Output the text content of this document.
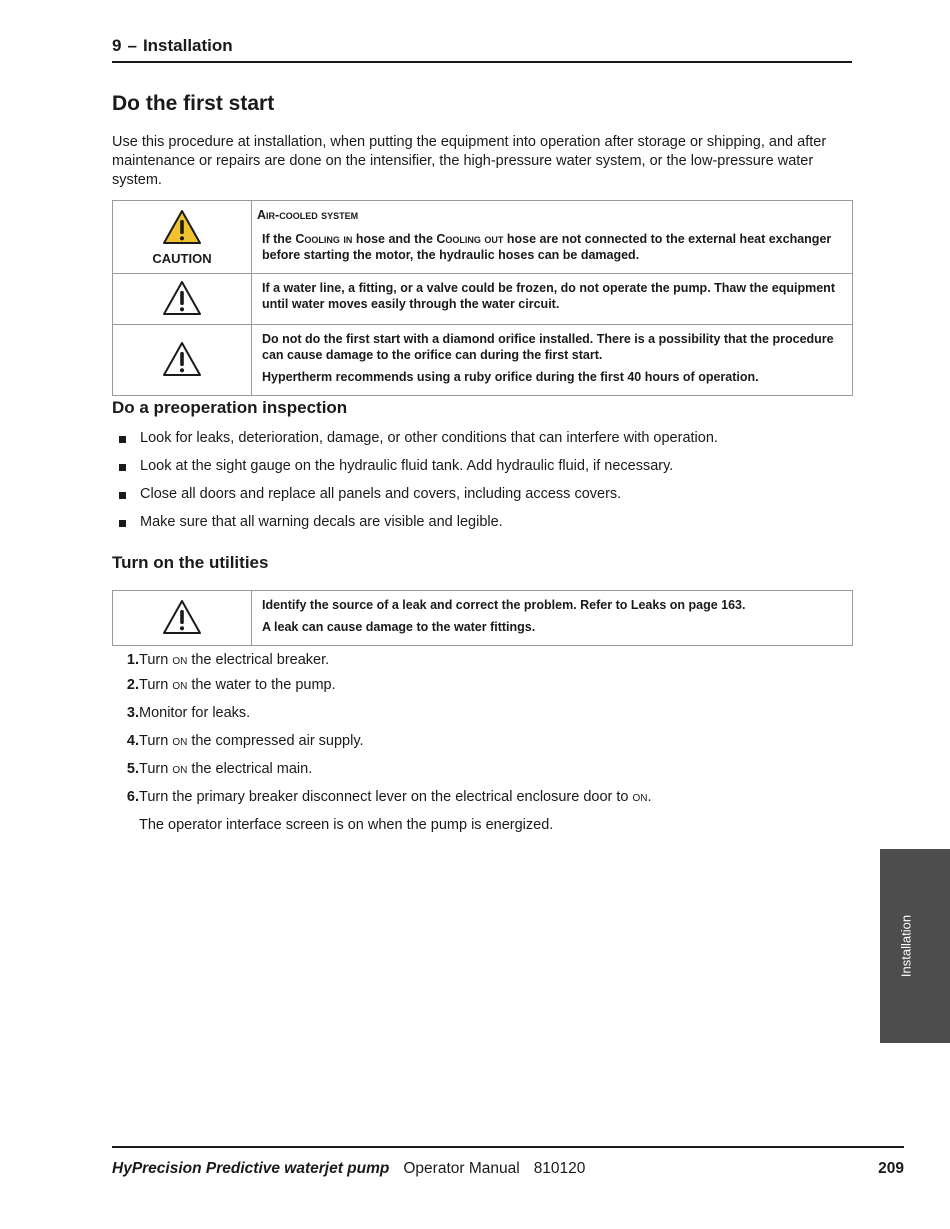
9 – Installation
Do the first start

Use this procedure at installation, when putting the equipment into operation after storage or shipping, and after maintenance or repairs are done on the intensifier, the high-pressure water system, or the low-pressure water system.

CAUTION	Air-cooled system

If the Cooling in hose and the Cooling out hose are not connected to the external heat exchanger before starting the motor, the hydraulic hoses can be damaged.

If a water line, a fitting, or a valve could be frozen, do not operate the pump. Thaw the equipment until water moves easily through the water circuit.

Do not do the first start with a diamond orifice installed. There is a possibility that the procedure can cause damage to the orifice can during the first start.

Hypertherm recommends using a ruby orifice during the first 40 hours of operation.

Do a preoperation inspection
Look for leaks, deterioration, damage, or other conditions that can interfere with operation.
Look at the sight gauge on the hydraulic fluid tank. Add hydraulic fluid, if necessary.
Close all doors and replace all panels and covers, including access covers.
Make sure that all warning decals are visible and legible.
Turn on the utilities

Identify the source of a leak and correct the problem. Refer to Leaks on page 163.

A leak can cause damage to the water fittings.

1. Turn on the electrical breaker.
2. Turn on the water to the pump.
3. Monitor for leaks.
4. Turn on the compressed air supply.
5. Turn on the electrical main.
6. Turn the primary breaker disconnect lever on the electrical enclosure door to on.

The operator interface screen is on when the pump is energized.

Installation
HyPrecision Predictive waterjet pump Operator Manual 810120	209
